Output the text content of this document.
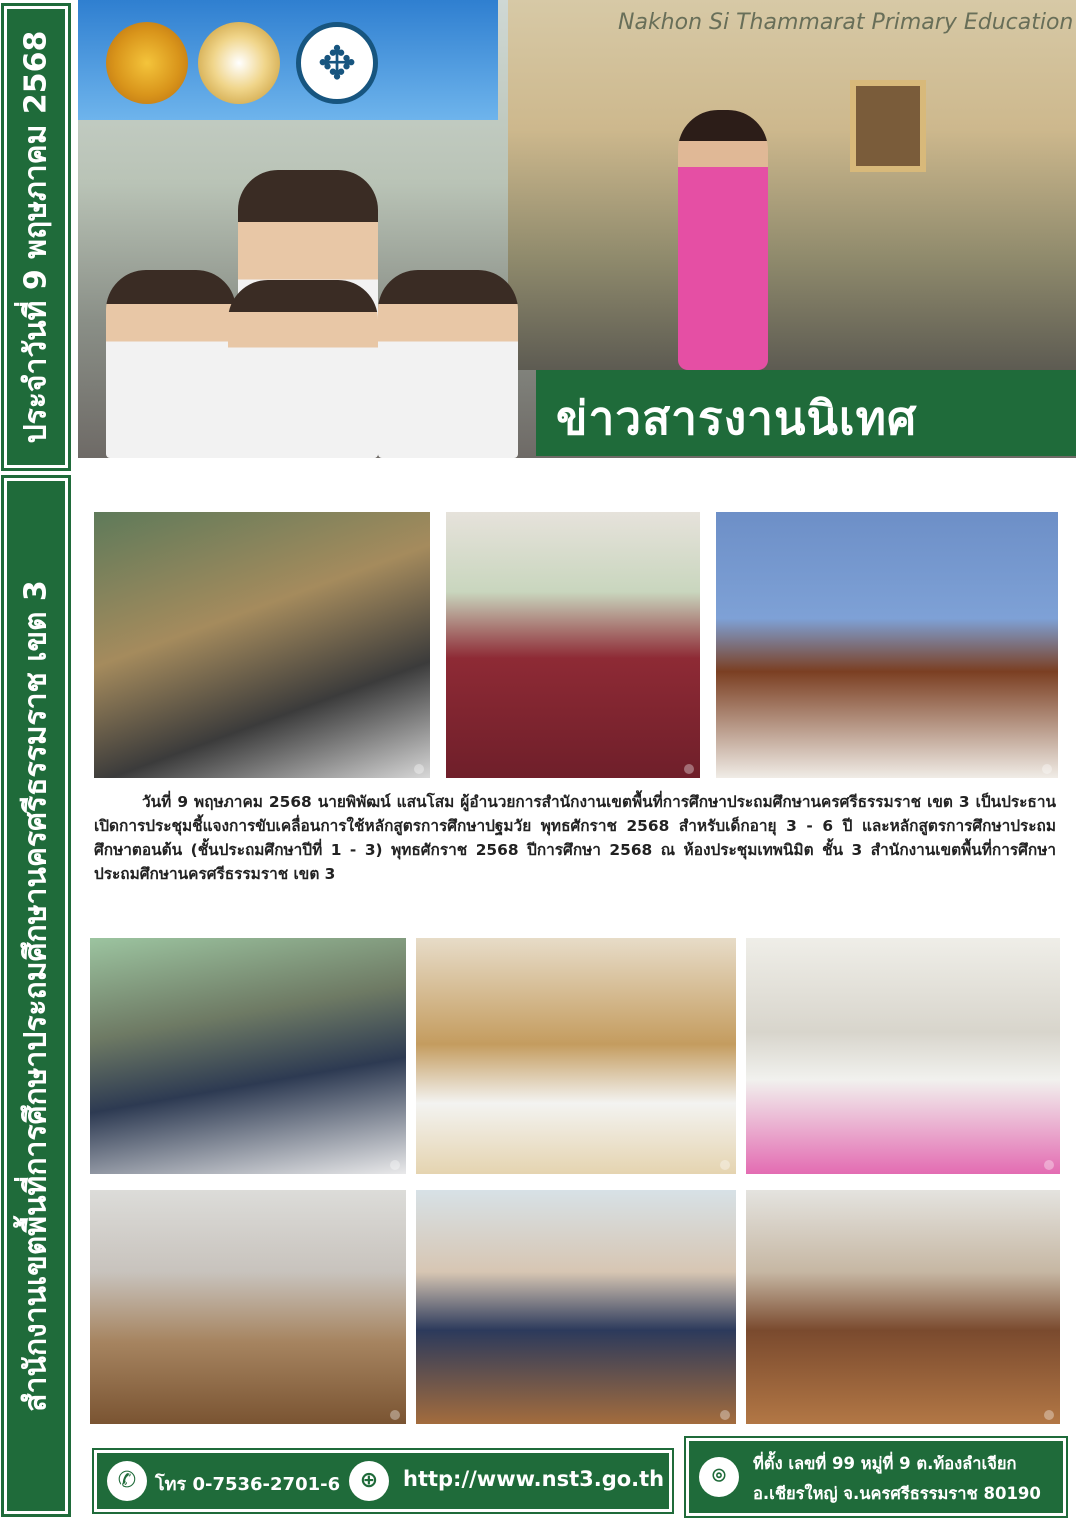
ประจำวันที่ 9 พฤษภาคม 2568
สำนักงานเขตพื้นที่การศึกษาประถมศึกษานครศรีธรรมราช เขต 3
Nakhon Si Thammarat Primary Education
✥
ข่าวสารงานนิเทศ
วันที่ 9 พฤษภาคม 2568 นายพิพัฒน์ แสนโสม ผู้อำนวยการสำนักงานเขตพื้นที่การศึกษาประถมศึกษานครศรีธรรมราช เขต 3 เป็นประธานเปิดการประชุมชี้แจงการขับเคลื่อนการใช้หลักสูตรการศึกษาปฐมวัย พุทธศักราช 2568 สำหรับเด็กอายุ 3 - 6 ปี และหลักสูตรการศึกษาประถมศึกษาตอนต้น (ชั้นประถมศึกษาปีที่ 1 - 3) พุทธศักราช 2568 ปีการศึกษา 2568 ณ ห้องประชุมเทพนิมิต ชั้น 3 สำนักงานเขตพื้นที่การศึกษาประถมศึกษานครศรีธรรมราช เขต 3
✆	โทร 0-7536-2701-6 ⊕	http://www.nst3.go.th	⌾
ที่ตั้ง เลขที่ 99 หมู่ที่ 9 ต.ท้องลำเจียก
อ.เชียรใหญ่ จ.นครศรีธรรมราช 80190
